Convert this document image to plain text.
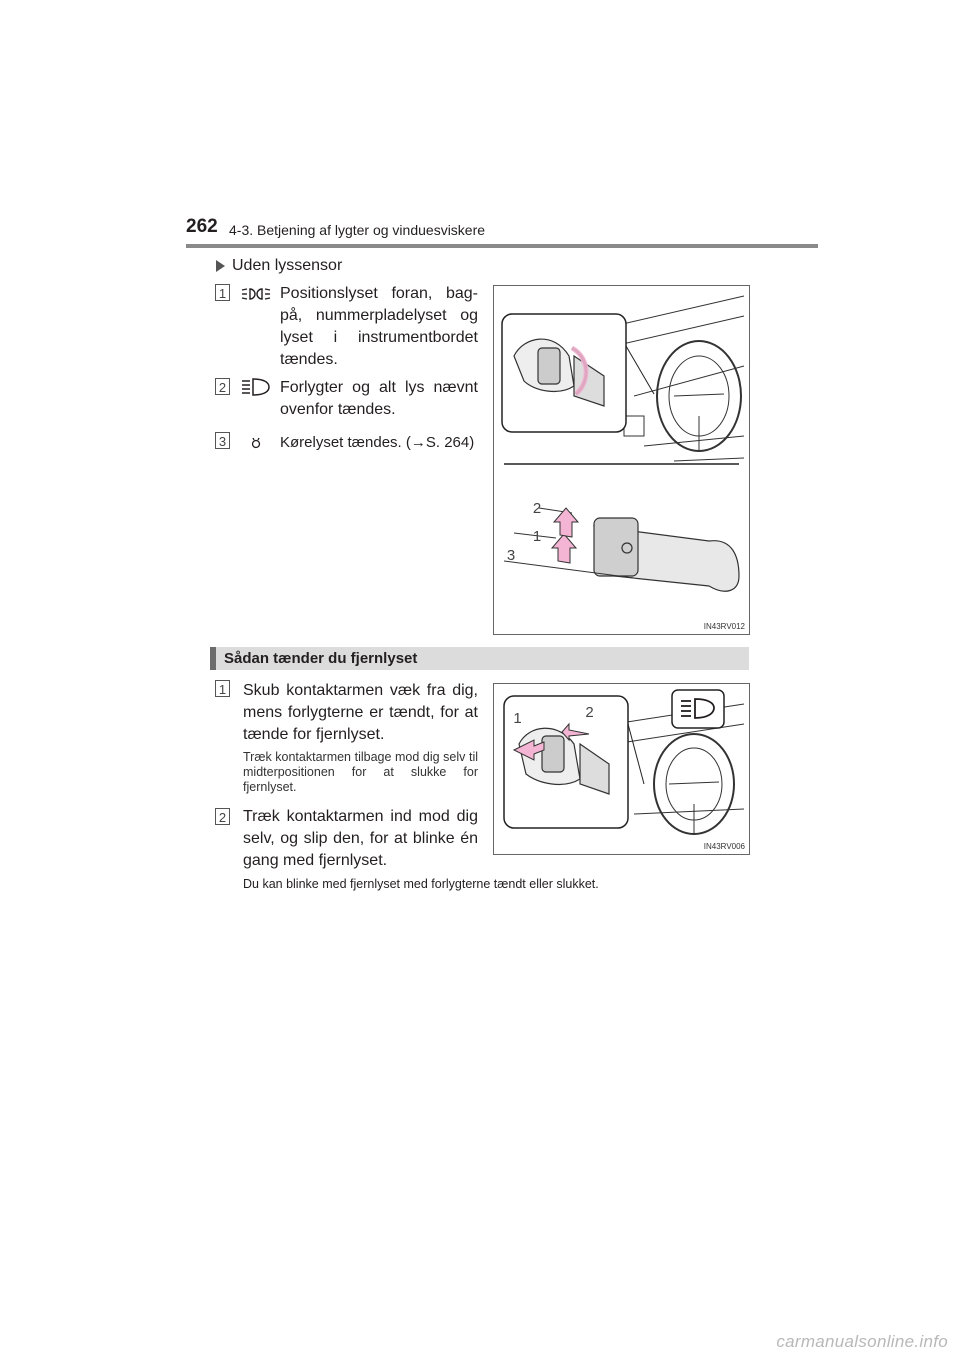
262 4-3. Betjening af lygter og vinduesviskere
Uden lyssensor
1	Positionslyset foran, bag-på, nummerpladelyset og lyset i instrumentbordet tændes.
2	Forlygter og alt lys nævnt ovenfor tændes.
3	Kørelyset tændes. (→S. 264)
2
1
3
IN43RV012
Sådan tænder du fjernlyset
1 Skub kontaktarmen væk fra dig, mens forlygterne er tændt, for at tænde for fjernlyset.
Træk kontaktarmen tilbage mod dig selv til midterpositionen for at slukke for fjernlyset.
2 Træk kontaktarmen ind mod dig selv, og slip den, for at blinke én gang med fjernlyset.
1	2
IN43RV006
Du kan blinke med fjernlyset med forlygterne tændt eller slukket.
carmanualsonline.info
